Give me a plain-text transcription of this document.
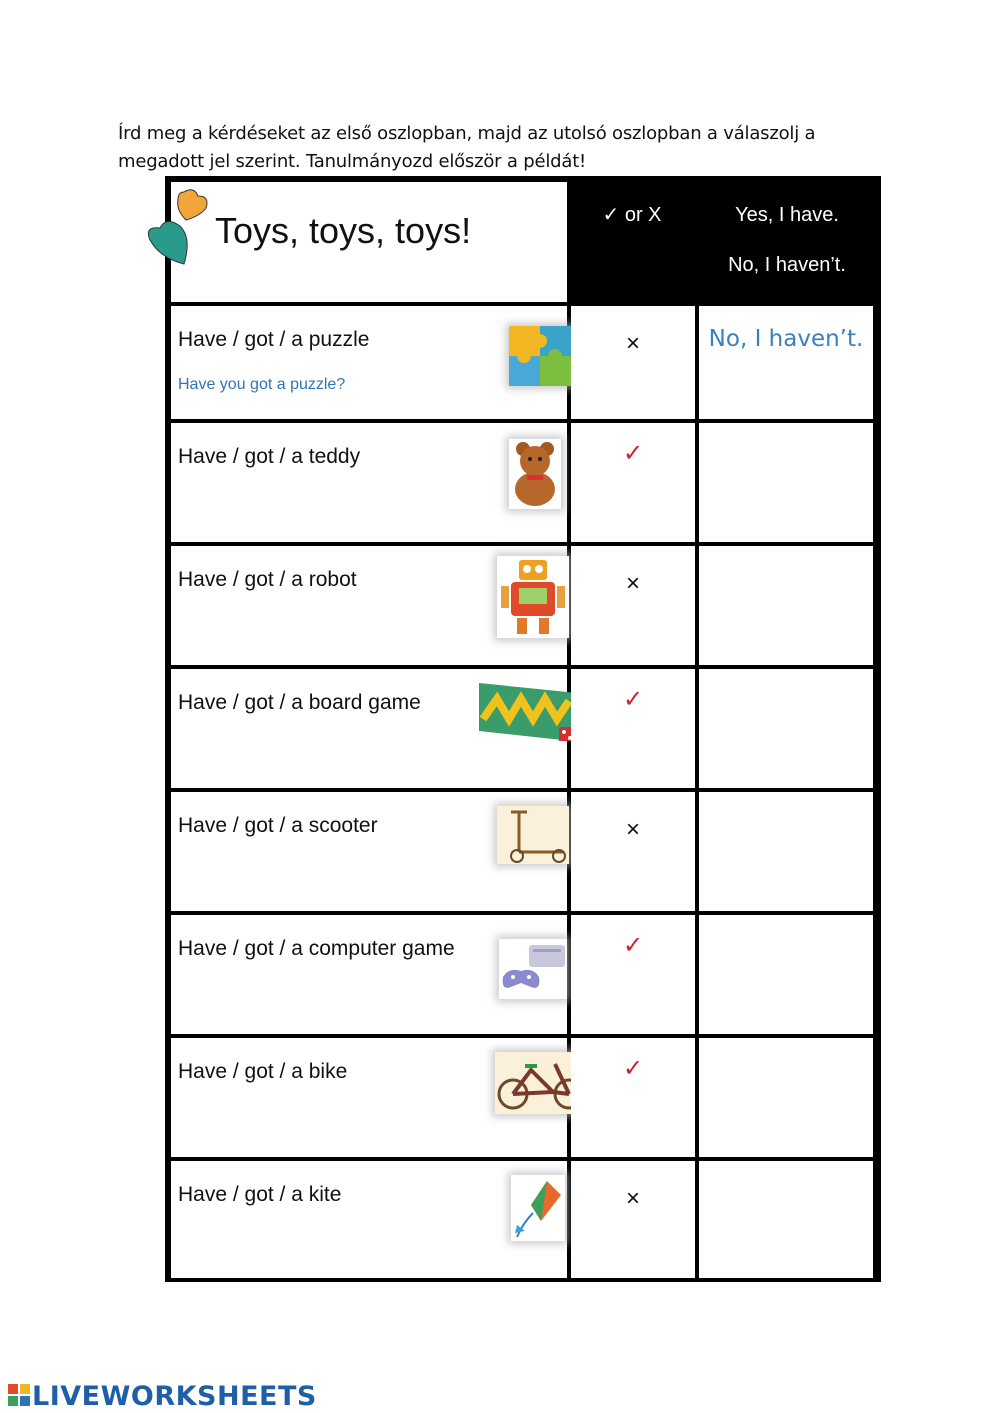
Írd meg a kérdéseket az első oszlopban, majd az utolsó oszlopban a válaszolj a

megadott jel szerint. Tanulmányozd először a példát!

Toys, toys, toys!	✓ or X	Yes, I have.
No, I haven’t.
Have / got / a puzzle
Have you got a puzzle?
×	No, I haven’t.
Have / got / a teddy	✓
Have / got / a robot	×
Have / got / a board game	✓
Have / got / a scooter	×
Have / got / a computer game	✓
Have / got / a bike	✓
Have / got / a kite	×
LIVEWORKSHEETS
